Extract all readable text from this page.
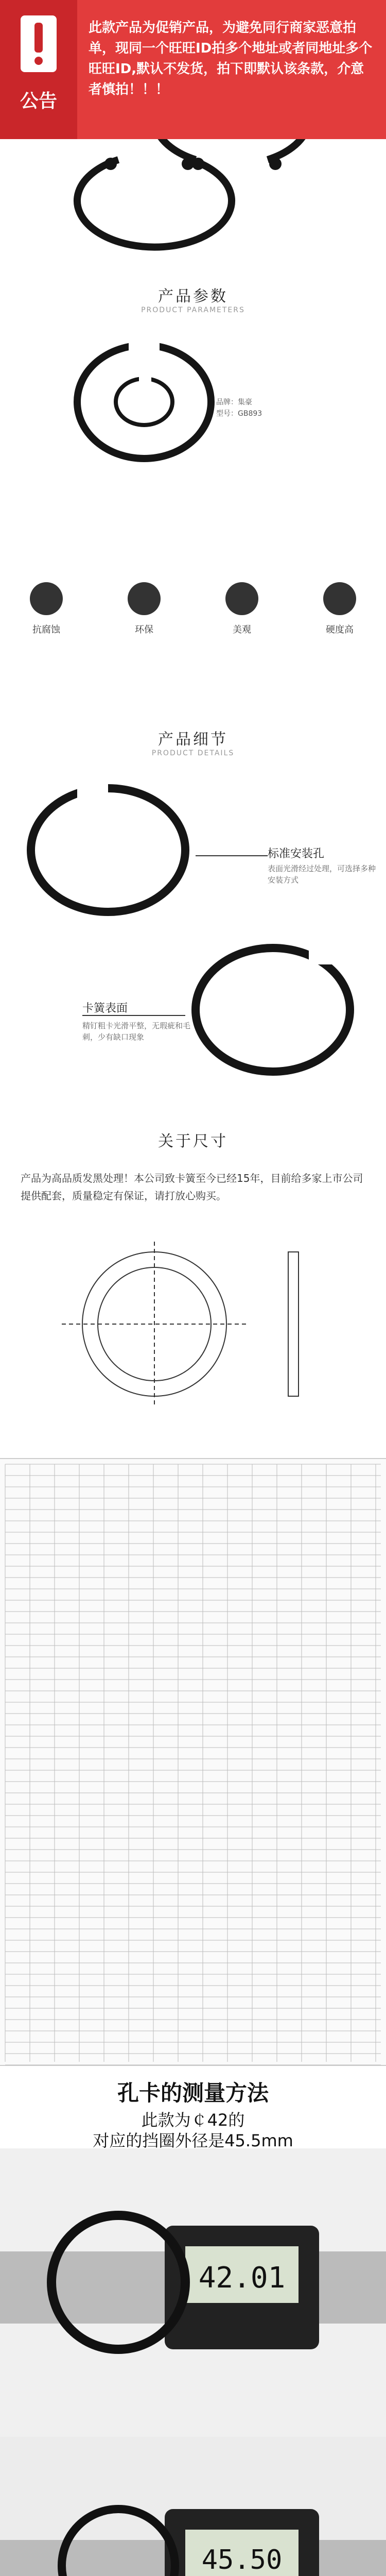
公告
此款产品为促销产品，为避免同行商家恶意拍单，现同一个旺旺ID拍多个地址或者同地址多个旺旺ID,默认不发货，拍下即默认该条款，介意者慎拍！！！
产品参数
PRODUCT PARAMETERS
品牌：集豪
型号：GB893
抗腐蚀	环保	美观	硬度高
产品细节
PRODUCT DETAILS
标准安装孔
表面光滑经过处理，可选择多种安装方式
卡簧表面
精钉粗卡光滑平整，无瑕疵和毛刺，少有缺口现象
关于尺寸
产品为高品质发黑处理！本公司致卡簧至今已经15年，目前给多家上市公司提供配套，质量稳定有保证，请打放心购买。
孔卡的测量方法
此款为￠42的
对应的挡圈外径是45.5mm
42.01
45.50
